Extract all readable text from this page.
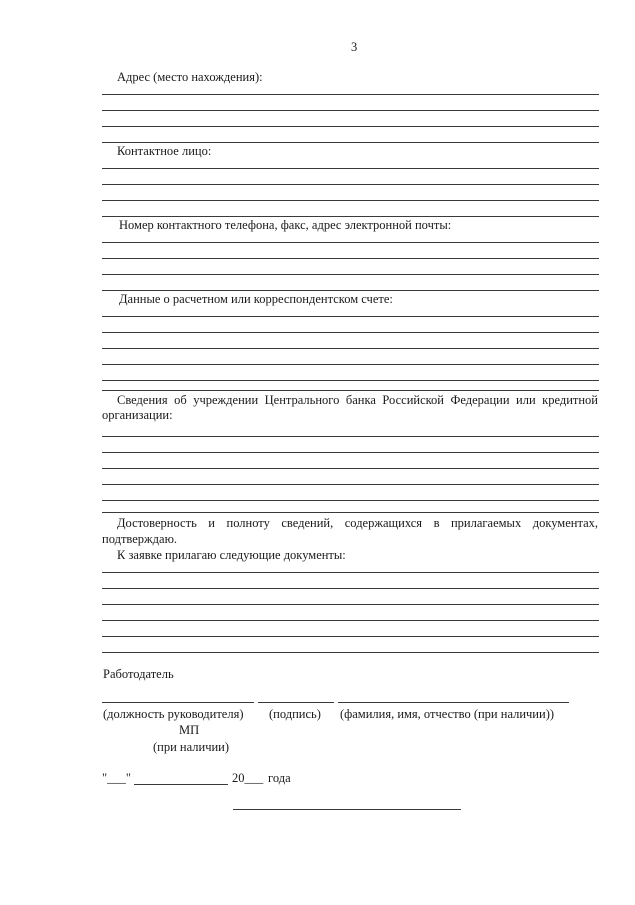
3
Адрес (место нахождения):
Контактное лицо:
Номер контактного телефона, факс, адрес электронной почты:
Данные о расчетном или корреспондентском счете:
Сведения об учреждении Центрального банка Российской Федерации или кредитной
организации:
Достоверность и полноту сведений, содержащихся в прилагаемых документах,
подтверждаю.
К заявке прилагаю следующие документы:
Работодатель
(должность руководителя) (подпись) (фамилия, имя, отчество (при наличии))
МП
(при наличии)
"___"	20___ года
